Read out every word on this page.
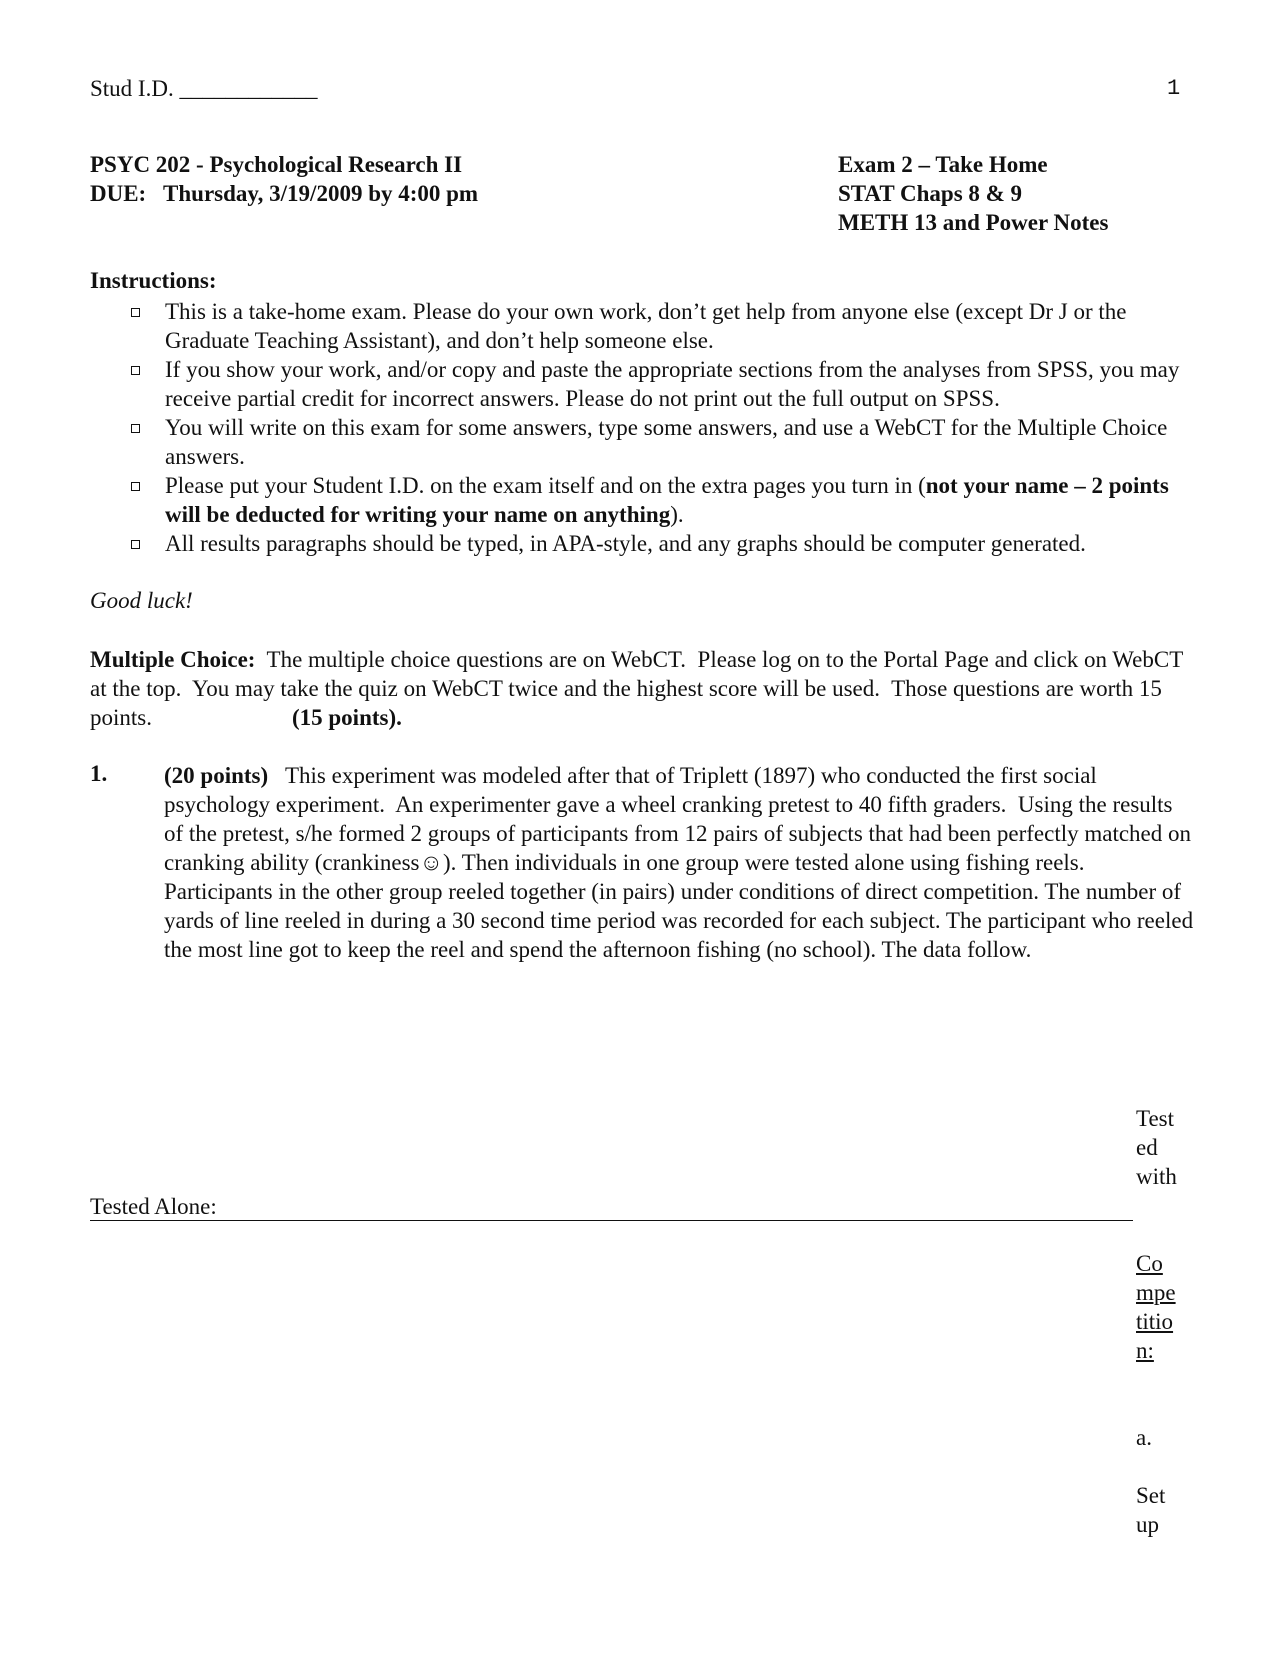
Stud I.D. ____________	1
PSYC 202 - Psychological Research II
DUE:   Thursday, 3/19/2009 by 4:00 pm
Exam 2 – Take Home
STAT Chaps 8 & 9
METH 13 and Power Notes
Instructions:
This is a take-home exam. Please do your own work, don’t get help from anyone else (except Dr J or the Graduate Teaching Assistant), and don’t help someone else.
If you show your work, and/or copy and paste the appropriate sections from the analyses from SPSS, you may receive partial credit for incorrect answers. Please do not print out the full output on SPSS.
You will write on this exam for some answers, type some answers, and use a WebCT for the Multiple Choice answers.
Please put your Student I.D. on the exam itself and on the extra pages you turn in (not your name – 2 points will be deducted for writing your name on anything).
All results paragraphs should be typed, in APA-style, and any graphs should be computer generated.
Good luck!
Multiple Choice:  The multiple choice questions are on WebCT.  Please log on to the Portal Page and click on WebCT at the top.  You may take the quiz on WebCT twice and the highest score will be used.  Those questions are worth 15 points.	(15 points).
1. (20 points)   This experiment was modeled after that of Triplett (1897) who conducted the first social psychology experiment.  An experimenter gave a wheel cranking pretest to 40 fifth graders.  Using the results of the pretest, s/he formed 2 groups of participants from 12 pairs of subjects that had been perfectly matched on cranking ability (crankiness☺). Then individuals in one group were tested alone using fishing reels. Participants in the other group reeled together (in pairs) under conditions of direct competition. The number of yards of line reeled in during a 30 second time period was recorded for each subject. The participant who reeled the most line got to keep the reel and spend the afternoon fishing (no school). The data follow.
Tested Alone:
Test
ed
with
Co
mpe
titio
n:
a.
Set
up
